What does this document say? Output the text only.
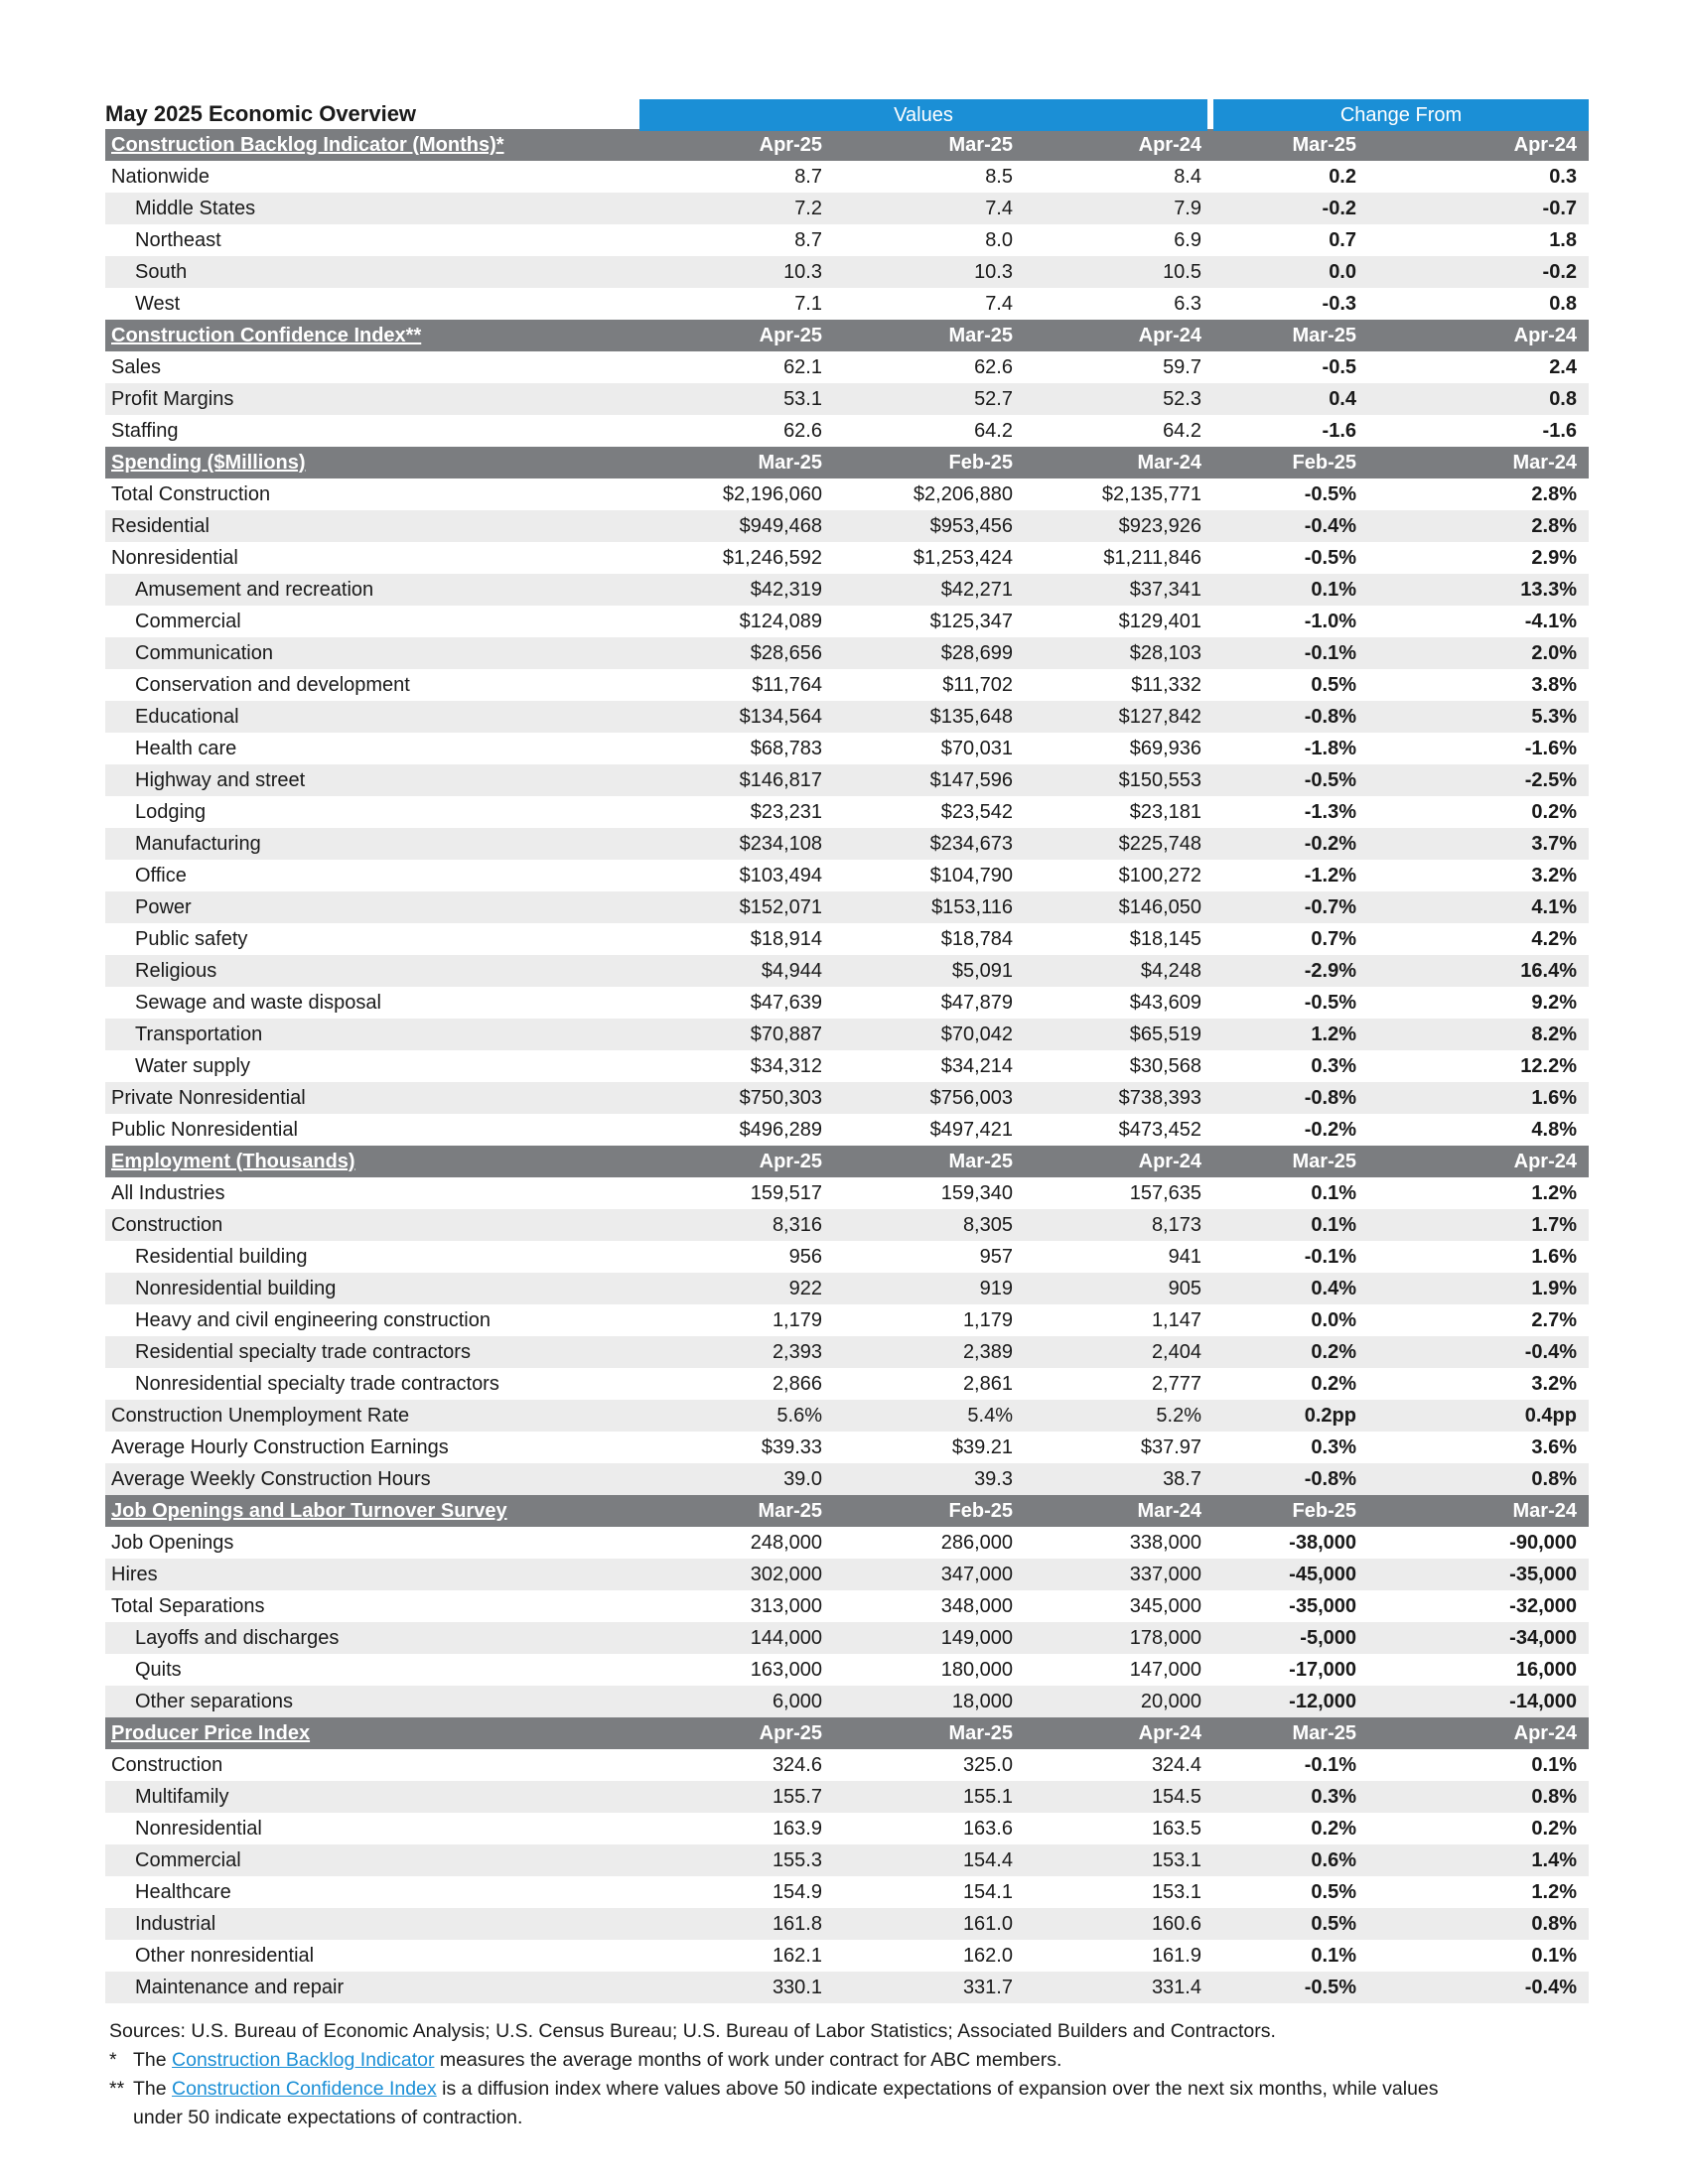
May 2025 Economic Overview	Values	Change From
Construction Backlog Indicator (Months)*	Apr-25	Mar-25	Apr-24	Mar-25	Apr-24
Nationwide	8.7	8.5	8.4	0.2	0.3
Middle States	7.2	7.4	7.9	-0.2	-0.7
Northeast	8.7	8.0	6.9	0.7	1.8
South	10.3	10.3	10.5	0.0	-0.2
West	7.1	7.4	6.3	-0.3	0.8
Construction Confidence Index**	Apr-25	Mar-25	Apr-24	Mar-25	Apr-24
Sales	62.1	62.6	59.7	-0.5	2.4
Profit Margins	53.1	52.7	52.3	0.4	0.8
Staffing	62.6	64.2	64.2	-1.6	-1.6
Spending ($Millions)	Mar-25	Feb-25	Mar-24	Feb-25	Mar-24
Total Construction	$2,196,060	$2,206,880	$2,135,771	-0.5%	2.8%
Residential	$949,468	$953,456	$923,926	-0.4%	2.8%
Nonresidential	$1,246,592	$1,253,424	$1,211,846	-0.5%	2.9%
Amusement and recreation	$42,319	$42,271	$37,341	0.1%	13.3%
Commercial	$124,089	$125,347	$129,401	-1.0%	-4.1%
Communication	$28,656	$28,699	$28,103	-0.1%	2.0%
Conservation and development	$11,764	$11,702	$11,332	0.5%	3.8%
Educational	$134,564	$135,648	$127,842	-0.8%	5.3%
Health care	$68,783	$70,031	$69,936	-1.8%	-1.6%
Highway and street	$146,817	$147,596	$150,553	-0.5%	-2.5%
Lodging	$23,231	$23,542	$23,181	-1.3%	0.2%
Manufacturing	$234,108	$234,673	$225,748	-0.2%	3.7%
Office	$103,494	$104,790	$100,272	-1.2%	3.2%
Power	$152,071	$153,116	$146,050	-0.7%	4.1%
Public safety	$18,914	$18,784	$18,145	0.7%	4.2%
Religious	$4,944	$5,091	$4,248	-2.9%	16.4%
Sewage and waste disposal	$47,639	$47,879	$43,609	-0.5%	9.2%
Transportation	$70,887	$70,042	$65,519	1.2%	8.2%
Water supply	$34,312	$34,214	$30,568	0.3%	12.2%
Private Nonresidential	$750,303	$756,003	$738,393	-0.8%	1.6%
Public Nonresidential	$496,289	$497,421	$473,452	-0.2%	4.8%
Employment (Thousands)	Apr-25	Mar-25	Apr-24	Mar-25	Apr-24
All Industries	159,517	159,340	157,635	0.1%	1.2%
Construction	8,316	8,305	8,173	0.1%	1.7%
Residential building	956	957	941	-0.1%	1.6%
Nonresidential building	922	919	905	0.4%	1.9%
Heavy and civil engineering construction	1,179	1,179	1,147	0.0%	2.7%
Residential specialty trade contractors	2,393	2,389	2,404	0.2%	-0.4%
Nonresidential specialty trade contractors	2,866	2,861	2,777	0.2%	3.2%
Construction Unemployment Rate	5.6%	5.4%	5.2%	0.2pp	0.4pp
Average Hourly Construction Earnings	$39.33	$39.21	$37.97	0.3%	3.6%
Average Weekly Construction Hours	39.0	39.3	38.7	-0.8%	0.8%
Job Openings and Labor Turnover Survey	Mar-25	Feb-25	Mar-24	Feb-25	Mar-24
Job Openings	248,000	286,000	338,000	-38,000	-90,000
Hires	302,000	347,000	337,000	-45,000	-35,000
Total Separations	313,000	348,000	345,000	-35,000	-32,000
Layoffs and discharges	144,000	149,000	178,000	-5,000	-34,000
Quits	163,000	180,000	147,000	-17,000	16,000
Other separations	6,000	18,000	20,000	-12,000	-14,000
Producer Price Index	Apr-25	Mar-25	Apr-24	Mar-25	Apr-24
Construction	324.6	325.0	324.4	-0.1%	0.1%
Multifamily	155.7	155.1	154.5	0.3%	0.8%
Nonresidential	163.9	163.6	163.5	0.2%	0.2%
Commercial	155.3	154.4	153.1	0.6%	1.4%
Healthcare	154.9	154.1	153.1	0.5%	1.2%
Industrial	161.8	161.0	160.6	0.5%	0.8%
Other nonresidential	162.1	162.0	161.9	0.1%	0.1%
Maintenance and repair	330.1	331.7	331.4	-0.5%	-0.4%
Sources: U.S. Bureau of Economic Analysis; U.S. Census Bureau; U.S. Bureau of Labor Statistics; Associated Builders and Contractors.
* The Construction Backlog Indicator measures the average months of work under contract for ABC members.
** The Construction Confidence Index is a diffusion index where values above 50 indicate expectations of expansion over the next six months, while values
under 50 indicate expectations of contraction.
